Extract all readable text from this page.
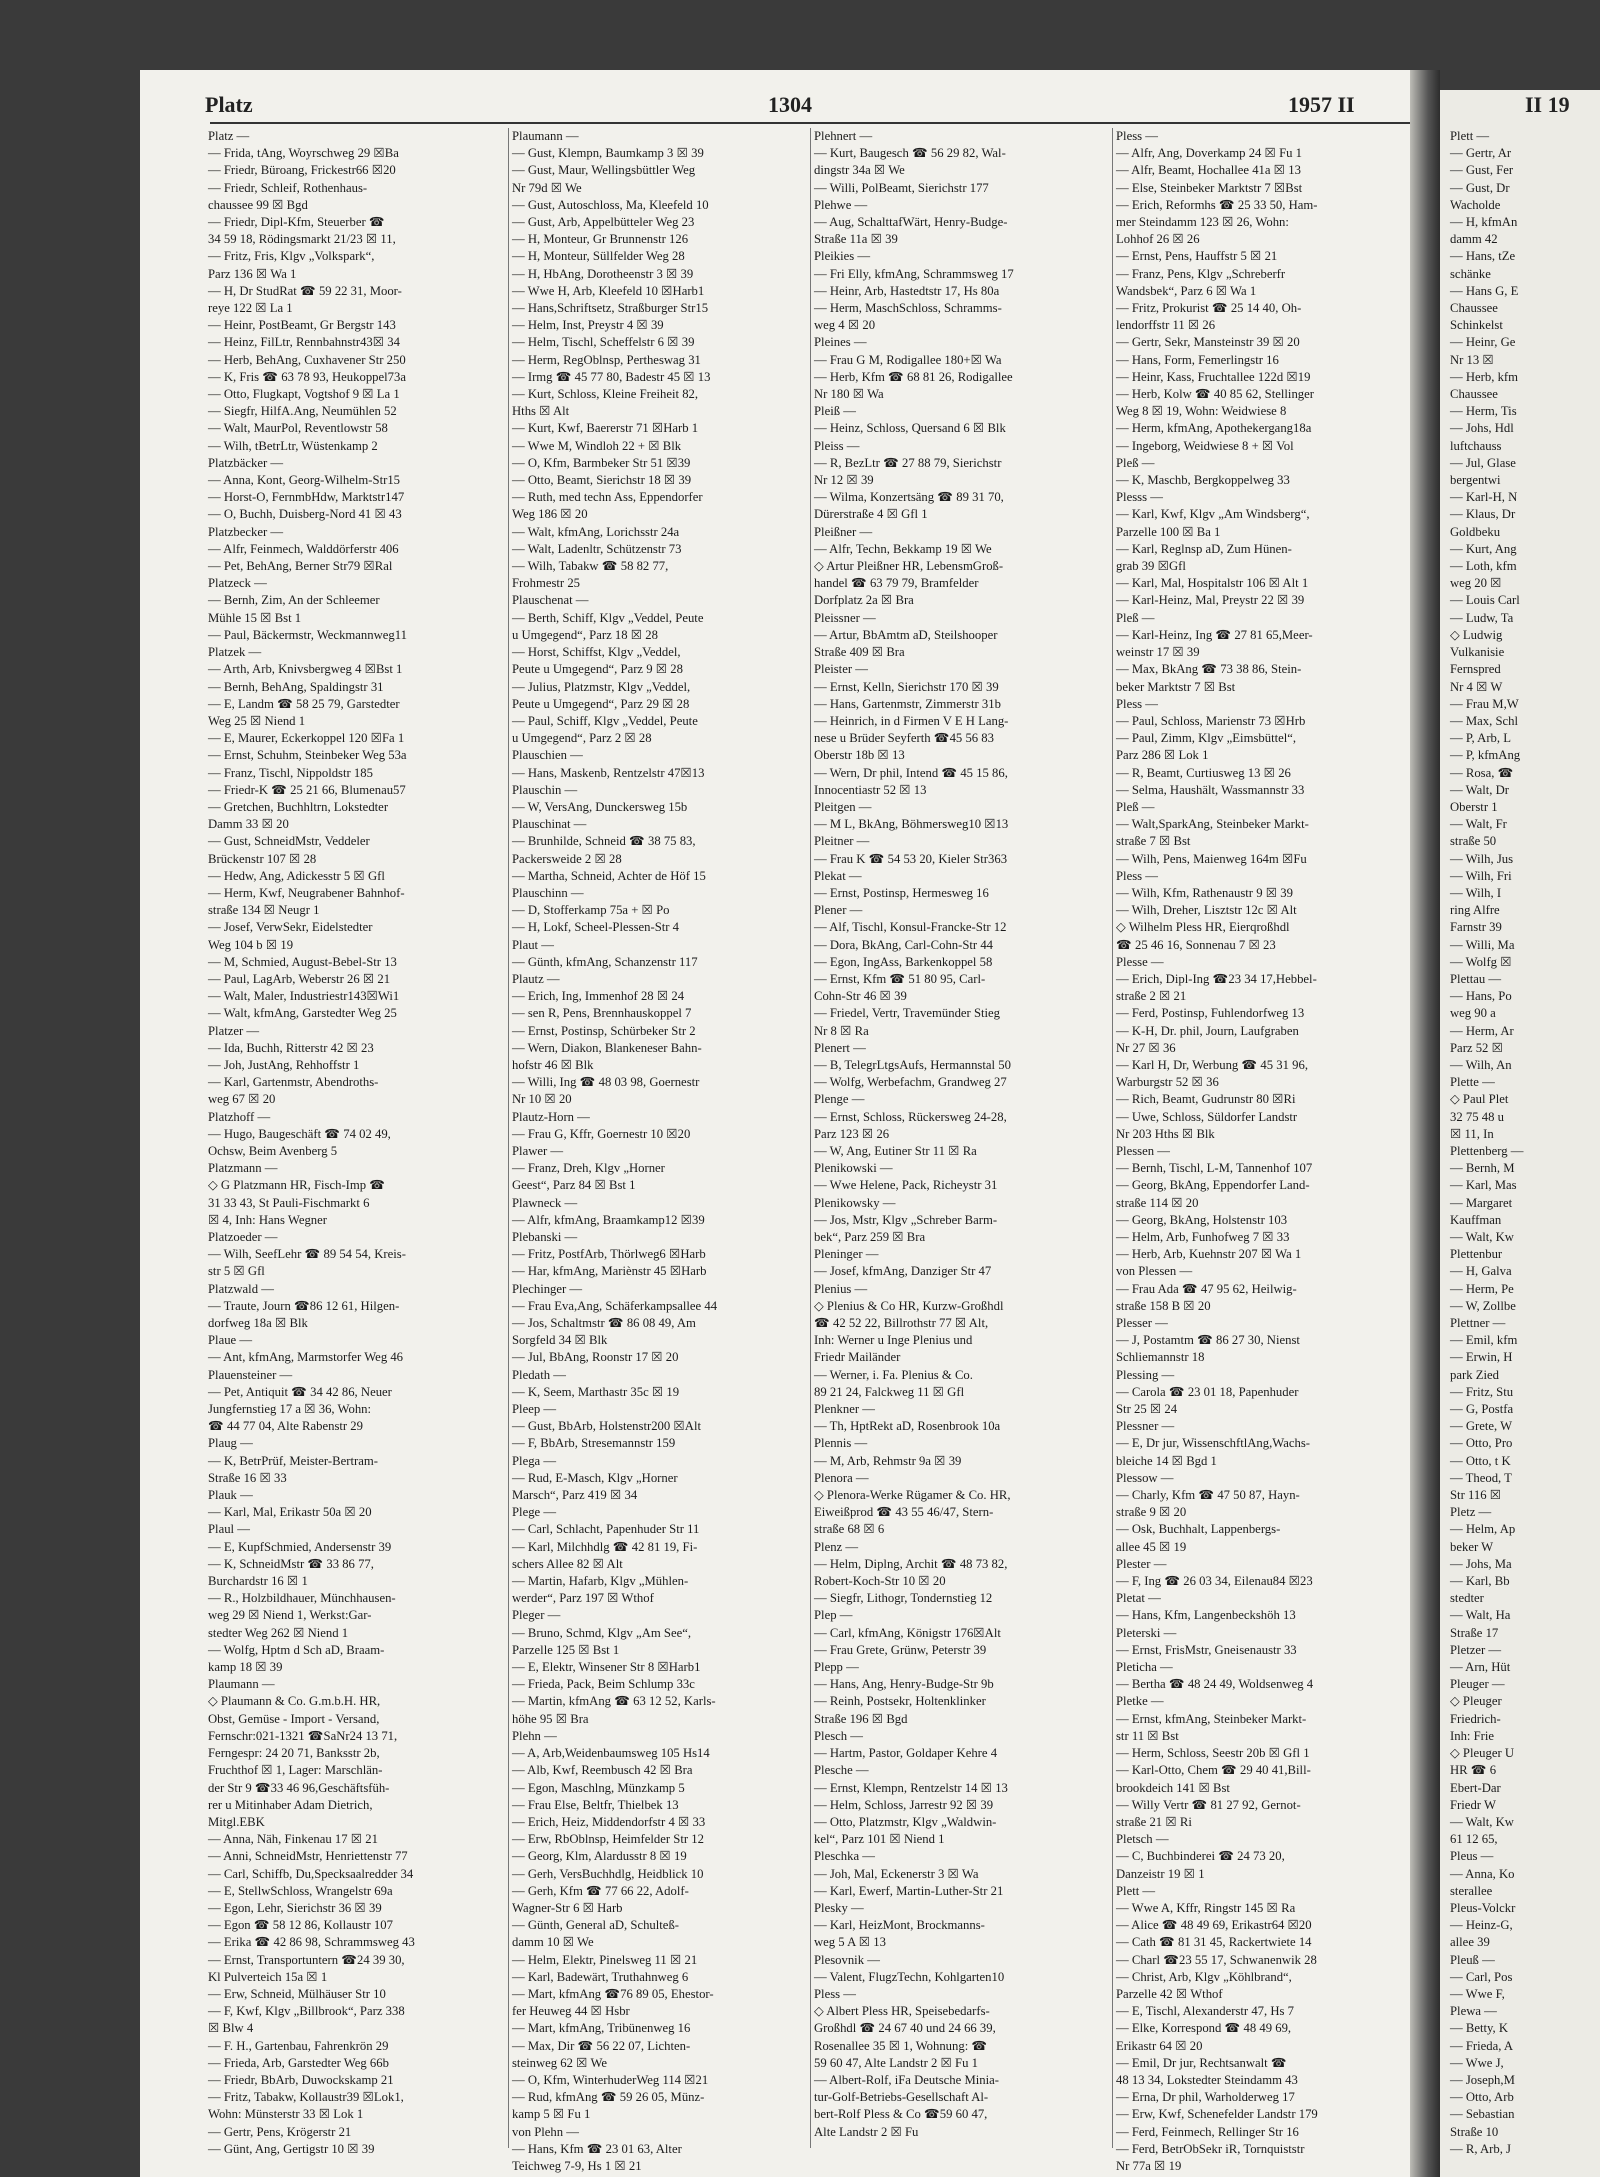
Platz	1304	1957 II	II 19
Platz —
— Frida, tAng, Woyrschweg 29 ☒Ba
— Friedr, Büroang, Frickestr66 ☒20
— Friedr, Schleif, Rothenhaus-
chaussee 99 ☒ Bgd
— Friedr, Dipl-Kfm, Steuerber ☎
34 59 18, Rödingsmarkt 21/23 ☒ 11,
— Fritz, Fris, Klgv „Volkspark“,
Parz 136 ☒ Wa 1
— H, Dr StudRat ☎ 59 22 31, Moor-
reye 122 ☒ La 1
— Heinr, PostBeamt, Gr Bergstr 143
— Heinz, FilLtr, Rennbahnstr43☒ 34
— Herb, BehAng, Cuxhavener Str 250
— K, Fris ☎ 63 78 93, Heukoppel73a
— Otto, Flugkapt, Vogtshof 9 ☒ La 1
— Siegfr, HilfA.Ang, Neumühlen 52
— Walt, MaurPol, Reventlowstr 58
— Wilh, tBetrLtr, Wüstenkamp 2
Platzbäcker —
— Anna, Kont, Georg-Wilhelm-Str15
— Horst-O, FernmbHdw, Marktstr147
— O, Buchh, Duisberg-Nord 41 ☒ 43
Platzbecker —
— Alfr, Feinmech, Walddörferstr 406
— Pet, BehAng, Berner Str79 ☒Ral
Platzeck —
— Bernh, Zim, An der Schleemer
Mühle 15 ☒ Bst 1
— Paul, Bäckermstr, Weckmannweg11
Platzek —
— Arth, Arb, Knivsbergweg 4 ☒Bst 1
— Bernh, BehAng, Spaldingstr 31
— E, Landm ☎ 58 25 79, Garstedter
Weg 25 ☒ Niend 1
— E, Maurer, Eckerkoppel 120 ☒Fa 1
— Ernst, Schuhm, Steinbeker Weg 53a
— Franz, Tischl, Nippoldstr 185
— Friedr-K ☎ 25 21 66, Blumenau57
— Gretchen, Buchhltrn, Lokstedter
Damm 33 ☒ 20
— Gust, SchneidMstr, Veddeler
Brückenstr 107 ☒ 28
— Hedw, Ang, Adickesstr 5 ☒ Gfl
— Herm, Kwf, Neugrabener Bahnhof-
straße 134 ☒ Neugr 1
— Josef, VerwSekr, Eidelstedter
Weg 104 b ☒ 19
— M, Schmied, August-Bebel-Str 13
— Paul, LagArb, Weberstr 26 ☒ 21
— Walt, Maler, Industriestr143☒Wi1
— Walt, kfmAng, Garstedter Weg 25
Platzer —
— Ida, Buchh, Ritterstr 42 ☒ 23
— Joh, JustAng, Rehhoffstr 1
— Karl, Gartenmstr, Abendroths-
weg 67 ☒ 20
Platzhoff —
— Hugo, Baugeschäft ☎ 74 02 49,
Ochsw, Beim Avenberg 5
Platzmann —
◇ G Platzmann HR, Fisch-Imp ☎
31 33 43, St Pauli-Fischmarkt 6
☒ 4, Inh: Hans Wegner
Platzoeder —
— Wilh, SeefLehr ☎ 89 54 54, Kreis-
str 5 ☒ Gfl
Platzwald —
— Traute, Journ ☎86 12 61, Hilgen-
dorfweg 18a ☒ Blk
Plaue —
— Ant, kfmAng, Marmstorfer Weg 46
Plauensteiner —
— Pet, Antiquit ☎ 34 42 86, Neuer
Jungfernstieg 17 a ☒ 36, Wohn:
☎ 44 77 04, Alte Rabenstr 29
Plaug —
— K, BetrPrüf, Meister-Bertram-
Straße 16 ☒ 33
Plauk —
— Karl, Mal, Erikastr 50a ☒ 20
Plaul —
— E, KupfSchmied, Andersenstr 39
— K, SchneidMstr ☎ 33 86 77,
Burchardstr 16 ☒ 1
— R., Holzbildhauer, Münchhausen-
weg 29 ☒ Niend 1, Werkst:Gar-
stedter Weg 262 ☒ Niend 1
— Wolfg, Hptm d Sch aD, Braam-
kamp 18 ☒ 39
Plaumann —
◇ Plaumann & Co. G.m.b.H. HR,
Obst, Gemüse - Import - Versand,
Fernschr:021-1321 ☎SaNr24 13 71,
Ferngespr: 24 20 71, Banksstr 2b,
Fruchthof ☒ 1, Lager: Marschlän-
der Str 9 ☎33 46 96,Geschäftsfüh-
rer u Mitinhaber Adam Dietrich,
Mitgl.EBK
— Anna, Näh, Finkenau 17 ☒ 21
— Anni, SchneidMstr, Henriettenstr 77
— Carl, Schiffb, Du,Specksaalredder 34
— E, StellwSchloss, Wrangelstr 69a
— Egon, Lehr, Sierichstr 36 ☒ 39
— Egon ☎ 58 12 86, Kollaustr 107
— Erika ☎ 42 86 98, Schrammsweg 43
— Ernst, Transportuntern ☎24 39 30,
Kl Pulverteich 15a ☒ 1
— Erw, Schneid, Mülhäuser Str 10
— F, Kwf, Klgv „Billbrook“, Parz 338
☒ Blw 4
— F. H., Gartenbau, Fahrenkrön 29
— Frieda, Arb, Garstedter Weg 66b
— Friedr, BbArb, Duwockskamp 21
— Fritz, Tabakw, Kollaustr39 ☒Lok1,
Wohn: Münsterstr 33 ☒ Lok 1
— Gertr, Pens, Krögerstr 21
— Günt, Ang, Gertigstr 10 ☒ 39
Plaumann —
— Gust, Klempn, Baumkamp 3 ☒ 39
— Gust, Maur, Wellingsbüttler Weg
Nr 79d ☒ We
— Gust, Autoschloss, Ma, Kleefeld 10
— Gust, Arb, Appelbütteler Weg 23
— H, Monteur, Gr Brunnenstr 126
— H, Monteur, Süllfelder Weg 28
— H, HbAng, Dorotheenstr 3 ☒ 39
— Wwe H, Arb, Kleefeld 10 ☒Harb1
— Hans,Schriftsetz, Straßburger Str15
— Helm, Inst, Preystr 4 ☒ 39
— Helm, Tischl, Scheffelstr 6 ☒ 39
— Herm, RegOblnsp, Pertheswag 31
— Irmg ☎ 45 77 80, Badestr 45 ☒ 13
— Kurt, Schloss, Kleine Freiheit 82,
Hths ☒ Alt
— Kurt, Kwf, Baererstr 71 ☒Harb 1
— Wwe M, Windloh 22 + ☒ Blk
— O, Kfm, Barmbeker Str 51 ☒39
— Otto, Beamt, Sierichstr 18 ☒ 39
— Ruth, med techn Ass, Eppendorfer
Weg 186 ☒ 20
— Walt, kfmAng, Lorichsstr 24a
— Walt, Ladenltr, Schützenstr 73
— Wilh, Tabakw ☎ 58 82 77,
Frohmestr 25
Plauschenat —
— Berth, Schiff, Klgv „Veddel, Peute
u Umgegend“, Parz 18 ☒ 28
— Horst, Schiffst, Klgv „Veddel,
Peute u Umgegend“, Parz 9 ☒ 28
— Julius, Platzmstr, Klgv „Veddel,
Peute u Umgegend“, Parz 29 ☒ 28
— Paul, Schiff, Klgv „Veddel, Peute
u Umgegend“, Parz 2 ☒ 28
Plauschien —
— Hans, Maskenb, Rentzelstr 47☒13
Plauschin —
— W, VersAng, Dunckersweg 15b
Plauschinat —
— Brunhilde, Schneid ☎ 38 75 83,
Packersweide 2 ☒ 28
— Martha, Schneid, Achter de Höf 15
Plauschinn —
— D, Stofferkamp 75a + ☒ Po
— H, Lokf, Scheel-Plessen-Str 4
Plaut —
— Günth, kfmAng, Schanzenstr 117
Plautz —
— Erich, Ing, Immenhof 28 ☒ 24
— sen R, Pens, Brennhauskoppel 7
— Ernst, Postinsp, Schürbeker Str 2
— Wern, Diakon, Blankeneser Bahn-
hofstr 46 ☒ Blk
— Willi, Ing ☎ 48 03 98, Goernestr
Nr 10 ☒ 20
Plautz-Horn —
— Frau G, Kffr, Goernestr 10 ☒20
Plawer —
— Franz, Dreh, Klgv „Horner
Geest“, Parz 84 ☒ Bst 1
Plawneck —
— Alfr, kfmAng, Braamkamp12 ☒39
Plebanski —
— Fritz, PostfArb, Thörlweg6 ☒Harb
— Har, kfmAng, Mariènstr 45 ☒Harb
Plechinger —
— Frau Eva,Ang, Schäferkampsallee 44
— Jos, Schaltmstr ☎ 86 08 49, Am
Sorgfeld 34 ☒ Blk
— Jul, BbAng, Roonstr 17 ☒ 20
Pledath —
— K, Seem, Marthastr 35c ☒ 19
Pleep —
— Gust, BbArb, Holstenstr200 ☒Alt
— F, BbArb, Stresemannstr 159
Plega —
— Rud, E-Masch, Klgv „Horner
Marsch“, Parz 419 ☒ 34
Plege —
— Carl, Schlacht, Papenhuder Str 11
— Karl, Milchhdlg ☎ 42 81 19, Fi-
schers Allee 82 ☒ Alt
— Martin, Hafarb, Klgv „Mühlen-
werder“, Parz 197 ☒ Wthof
Pleger —
— Bruno, Schmd, Klgv „Am See“,
Parzelle 125 ☒ Bst 1
— E, Elektr, Winsener Str 8 ☒Harb1
— Frieda, Pack, Beim Schlump 33c
— Martin, kfmAng ☎ 63 12 52, Karls-
höhe 95 ☒ Bra
Plehn —
— A, Arb,Weidenbaumsweg 105 Hs14
— Alb, Kwf, Reembusch 42 ☒ Bra
— Egon, Maschlng, Münzkamp 5
— Frau Else, Beltfr, Thielbek 13
— Erich, Heiz, Middendorfstr 4 ☒ 33
— Erw, RbOblnsp, Heimfelder Str 12
— Georg, Klm, Alardusstr 8 ☒ 19
— Gerh, VersBuchhdlg, Heidblick 10
— Gerh, Kfm ☎ 77 66 22, Adolf-
Wagner-Str 6 ☒ Harb
— Günth, General aD, Schulteß-
damm 10 ☒ We
— Helm, Elektr, Pinelsweg 11 ☒ 21
— Karl, Badewärt, Truthahnweg 6
— Mart, kfmAng ☎76 89 05, Ehestor-
fer Heuweg 44 ☒ Hsbr
— Mart, kfmAng, Tribünenweg 16
— Max, Dir ☎ 56 22 07, Lichten-
steinweg 62 ☒ We
— O, Kfm, WinterhuderWeg 114 ☒21
— Rud, kfmAng ☎ 59 26 05, Münz-
kamp 5 ☒ Fu 1
von Plehn —
— Hans, Kfm ☎ 23 01 63, Alter
Teichweg 7-9, Hs 1 ☒ 21
Plehnert —
— Kurt, Baugesch ☎ 56 29 82, Wal-
dingstr 34a ☒ We
— Willi, PolBeamt, Sierichstr 177
Plehwe —
— Aug, SchalttafWärt, Henry-Budge-
Straße 11a ☒ 39
Pleikies —
— Fri Elly, kfmAng, Schrammsweg 17
— Heinr, Arb, Hastedtstr 17, Hs 80a
— Herm, MaschSchloss, Schramms-
weg 4 ☒ 20
Pleines —
— Frau G M, Rodigallee 180+☒ Wa
— Herb, Kfm ☎ 68 81 26, Rodigallee
Nr 180 ☒ Wa
Pleiß —
— Heinz, Schloss, Quersand 6 ☒ Blk
Pleiss —
— R, BezLtr ☎ 27 88 79, Sierichstr
Nr 12 ☒ 39
— Wilma, Konzertsäng ☎ 89 31 70,
Dürerstraße 4 ☒ Gfl 1
Pleißner —
— Alfr, Techn, Bekkamp 19 ☒ We
◇ Artur Pleißner HR, LebensmGroß-
handel ☎ 63 79 79, Bramfelder
Dorfplatz 2a ☒ Bra
Pleissner —
— Artur, BbAmtm aD, Steilshooper
Straße 409 ☒ Bra
Pleister —
— Ernst, Kelln, Sierichstr 170 ☒ 39
— Hans, Gartenmstr, Zimmerstr 31b
— Heinrich, in d Firmen V E H Lang-
nese u Brüder Seyferth ☎45 56 83
Oberstr 18b ☒ 13
— Wern, Dr phil, Intend ☎ 45 15 86,
Innocentiastr 52 ☒ 13
Pleitgen —
— M L, BkAng, Böhmersweg10 ☒13
Pleitner —
— Frau K ☎ 54 53 20, Kieler Str363
Plekat —
— Ernst, Postinsp, Hermesweg 16
Plener —
— Alf, Tischl, Konsul-Francke-Str 12
— Dora, BkAng, Carl-Cohn-Str 44
— Egon, IngAss, Barkenkoppel 58
— Ernst, Kfm ☎ 51 80 95, Carl-
Cohn-Str 46 ☒ 39
— Friedel, Vertr, Travemünder Stieg
Nr 8 ☒ Ra
Plenert —
— B, TelegrLtgsAufs, Hermannstal 50
— Wolfg, Werbefachm, Grandweg 27
Plenge —
— Ernst, Schloss, Rückersweg 24-28,
Parz 123 ☒ 26
— W, Ang, Eutiner Str 11 ☒ Ra
Plenikowski —
— Wwe Helene, Pack, Richeystr 31
Plenikowsky —
— Jos, Mstr, Klgv „Schreber Barm-
bek“, Parz 259 ☒ Bra
Pleninger —
— Josef, kfmAng, Danziger Str 47
Plenius —
◇ Plenius & Co HR, Kurzw-Großhdl
☎ 42 52 22, Billrothstr 77 ☒ Alt,
Inh: Werner u Inge Plenius und
Friedr Mailänder
— Werner, i. Fa. Plenius & Co.
89 21 24, Falckweg 11 ☒ Gfl
Plenkner —
— Th, HptRekt aD, Rosenbrook 10a
Plennis —
— M, Arb, Rehmstr 9a ☒ 39
Plenora —
◇ Plenora-Werke Rügamer & Co. HR,
Eiweißprod ☎ 43 55 46/47, Stern-
straße 68 ☒ 6
Plenz —
— Helm, Diplng, Archit ☎ 48 73 82,
Robert-Koch-Str 10 ☒ 20
— Siegfr, Lithogr, Tondernstieg 12
Plep —
— Carl, kfmAng, Königstr 176☒Alt
— Frau Grete, Grünw, Peterstr 39
Plepp —
— Hans, Ang, Henry-Budge-Str 9b
— Reinh, Postsekr, Holtenklinker
Straße 196 ☒ Bgd
Plesch —
— Hartm, Pastor, Goldaper Kehre 4
Plesche —
— Ernst, Klempn, Rentzelstr 14 ☒ 13
— Helm, Schloss, Jarrestr 92 ☒ 39
— Otto, Platzmstr, Klgv „Waldwin-
kel“, Parz 101 ☒ Niend 1
Pleschka —
— Joh, Mal, Eckenerstr 3 ☒ Wa
— Karl, Ewerf, Martin-Luther-Str 21
Plesky —
— Karl, HeizMont, Brockmanns-
weg 5 A ☒ 13
Plesovnik —
— Valent, FlugzTechn, Kohlgarten10
Pless —
◇ Albert Pless HR, Speisebedarfs-
Großhdl ☎ 24 67 40 und 24 66 39,
Rosenallee 35 ☒ 1, Wohnung: ☎
59 60 47, Alte Landstr 2 ☒ Fu 1
— Albert-Rolf, iFa Deutsche Minia-
tur-Golf-Betriebs-Gesellschaft Al-
bert-Rolf Pless & Co ☎59 60 47,
Alte Landstr 2 ☒ Fu
Pless —
— Alfr, Ang, Doverkamp 24 ☒ Fu 1
— Alfr, Beamt, Hochallee 41a ☒ 13
— Else, Steinbeker Marktstr 7 ☒Bst
— Erich, Reformhs ☎ 25 33 50, Ham-
mer Steindamm 123 ☒ 26, Wohn:
Lohhof 26 ☒ 26
— Ernst, Pens, Hauffstr 5 ☒ 21
— Franz, Pens, Klgv „Schreberfr
Wandsbek“, Parz 6 ☒ Wa 1
— Fritz, Prokurist ☎ 25 14 40, Oh-
lendorffstr 11 ☒ 26
— Gertr, Sekr, Mansteinstr 39 ☒ 20
— Hans, Form, Femerlingstr 16
— Heinr, Kass, Fruchtallee 122d ☒19
— Herb, Kolw ☎ 40 85 62, Stellinger
Weg 8 ☒ 19, Wohn: Weidwiese 8
— Herm, kfmAng, Apothekergang18a
— Ingeborg, Weidwiese 8 + ☒ Vol
Pleß —
— K, Maschb, Bergkoppelweg 33
Plesss —
— Karl, Kwf, Klgv „Am Windsberg“,
Parzelle 100 ☒ Ba 1
— Karl, Reglnsp aD, Zum Hünen-
grab 39 ☒Gfl
— Karl, Mal, Hospitalstr 106 ☒ Alt 1
— Karl-Heinz, Mal, Preystr 22 ☒ 39
Pleß —
— Karl-Heinz, Ing ☎ 27 81 65,Meer-
weinstr 17 ☒ 39
— Max, BkAng ☎ 73 38 86, Stein-
beker Marktstr 7 ☒ Bst
Pless —
— Paul, Schloss, Marienstr 73 ☒Hrb
— Paul, Zimm, Klgv „Eimsbüttel“,
Parz 286 ☒ Lok 1
— R, Beamt, Curtiusweg 13 ☒ 26
— Selma, Haushält, Wassmannstr 33
Pleß —
— Walt,SparkAng, Steinbeker Markt-
straße 7 ☒ Bst
— Wilh, Pens, Maienweg 164m ☒Fu
Pless —
— Wilh, Kfm, Rathenaustr 9 ☒ 39
— Wilh, Dreher, Lisztstr 12c ☒ Alt
◇ Wilhelm Pless HR, Eierqroßhdl
☎ 25 46 16, Sonnenau 7 ☒ 23
Plesse —
— Erich, Dipl-Ing ☎23 34 17,Hebbel-
straße 2 ☒ 21
— Ferd, Postinsp, Fuhlendorfweg 13
— K-H, Dr. phil, Journ, Laufgraben
Nr 27 ☒ 36
— Karl H, Dr, Werbung ☎ 45 31 96,
Warburgstr 52 ☒ 36
— Rich, Beamt, Gudrunstr 80 ☒Ri
— Uwe, Schloss, Süldorfer Landstr
Nr 203 Hths ☒ Blk
Plessen —
— Bernh, Tischl, L-M, Tannenhof 107
— Georg, BkAng, Eppendorfer Land-
straße 114 ☒ 20
— Georg, BkAng, Holstenstr 103
— Helm, Arb, Funhofweg 7 ☒ 33
— Herb, Arb, Kuehnstr 207 ☒ Wa 1
von Plessen —
— Frau Ada ☎ 47 95 62, Heilwig-
straße 158 B ☒ 20
Plesser —
— J, Postamtm ☎ 86 27 30, Nienst
Schliemannstr 18
Plessing —
— Carola ☎ 23 01 18, Papenhuder
Str 25 ☒ 24
Plessner —
— E, Dr jur, WissenschftlAng,Wachs-
bleiche 14 ☒ Bgd 1
Plessow —
— Charly, Kfm ☎ 47 50 87, Hayn-
straße 9 ☒ 20
— Osk, Buchhalt, Lappenbergs-
allee 45 ☒ 19
Plester —
— F, Ing ☎ 26 03 34, Eilenau84 ☒23
Pletat —
— Hans, Kfm, Langenbeckshöh 13
Pleterski —
— Ernst, FrisMstr, Gneisenaustr 33
Pleticha —
— Bertha ☎ 48 24 49, Woldsenweg 4
Pletke —
— Ernst, kfmAng, Steinbeker Markt-
str 11 ☒ Bst
— Herm, Schloss, Seestr 20b ☒ Gfl 1
— Karl-Otto, Chem ☎ 29 40 41,Bill-
brookdeich 141 ☒ Bst
— Willy Vertr ☎ 81 27 92, Gernot-
straße 21 ☒ Ri
Pletsch —
— C, Buchbinderei ☎ 24 73 20,
Danzeistr 19 ☒ 1
Plett —
— Wwe A, Kffr, Ringstr 145 ☒ Ra
— Alice ☎ 48 49 69, Erikastr64 ☒20
— Cath ☎ 81 31 45, Rackertwiete 14
— Charl ☎23 55 17, Schwanenwik 28
— Christ, Arb, Klgv „Köhlbrand“,
Parzelle 42 ☒ Wthof
— E, Tischl, Alexanderstr 47, Hs 7
— Elke, Korrespond ☎ 48 49 69,
Erikastr 64 ☒ 20
— Emil, Dr jur, Rechtsanwalt ☎
48 13 34, Lokstedter Steindamm 43
— Erna, Dr phil, Warholderweg 17
— Erw, Kwf, Schenefelder Landstr 179
— Ferd, Feinmech, Rellinger Str 16
— Ferd, BetrObSekr iR, Tornquiststr
Nr 77a ☒ 19
Plett —
— Gertr, Ar
— Gust, Fer
— Gust, Dr
Wacholde
— H, kfmAn
damm 42
— Hans, tZe
schänke
— Hans G, E
Chaussee
Schinkelst
— Heinr, Ge
Nr 13 ☒
— Herb, kfm
Chaussee
— Herm, Tis
— Johs, Hdl
luftchauss
— Jul, Glase
bergentwi
— Karl-H, N
— Klaus, Dr
Goldbeku
— Kurt, Ang
— Loth, kfm
weg 20 ☒
— Louis Carl
— Ludw, Ta
◇ Ludwig
Vulkanisie
Fernspred
Nr 4 ☒ W
— Frau M,W
— Max, Schl
— P, Arb, L
— P, kfmAng
— Rosa, ☎
— Walt, Dr
Oberstr 1
— Walt, Fr
straße 50
— Wilh, Jus
— Wilh, Fri
— Wilh, I
ring Alfre
Farnstr 39
— Willi, Ma
— Wolfg ☒
Plettau —
— Hans, Po
weg 90 a
— Herm, Ar
Parz 52 ☒
— Wilh, An
Plette —
◇ Paul Plet
32 75 48 u
☒ 11, In
Plettenberg —
— Bernh, M
— Karl, Mas
— Margaret
Kauffman
— Walt, Kw
Plettenbur
— H, Galva
— Herm, Pe
— W, Zollbe
Plettner —
— Emil, kfm
— Erwin, H
park Zied
— Fritz, Stu
— G, Postfa
— Grete, W
— Otto, Pro
— Otto, t K
— Theod, T
Str 116 ☒
Pletz —
— Helm, Ap
beker W
— Johs, Ma
— Karl, Bb
stedter
— Walt, Ha
Straße 17
Pletzer —
— Arn, Hüt
Pleuger —
◇ Pleuger
Friedrich-
Inh: Frie
◇ Pleuger U
HR ☎ 6
Ebert-Dar
Friedr W
— Walt, Kw
61 12 65,
Pleus —
— Anna, Ko
sterallee
Pleus-Volckr
— Heinz-G,
allee 39
Pleuß —
— Carl, Pos
— Wwe F,
Plewa —
— Betty, K
— Frieda, A
— Wwe J,
— Joseph,M
— Otto, Arb
— Sebastian
Straße 10
— R, Arb, J
